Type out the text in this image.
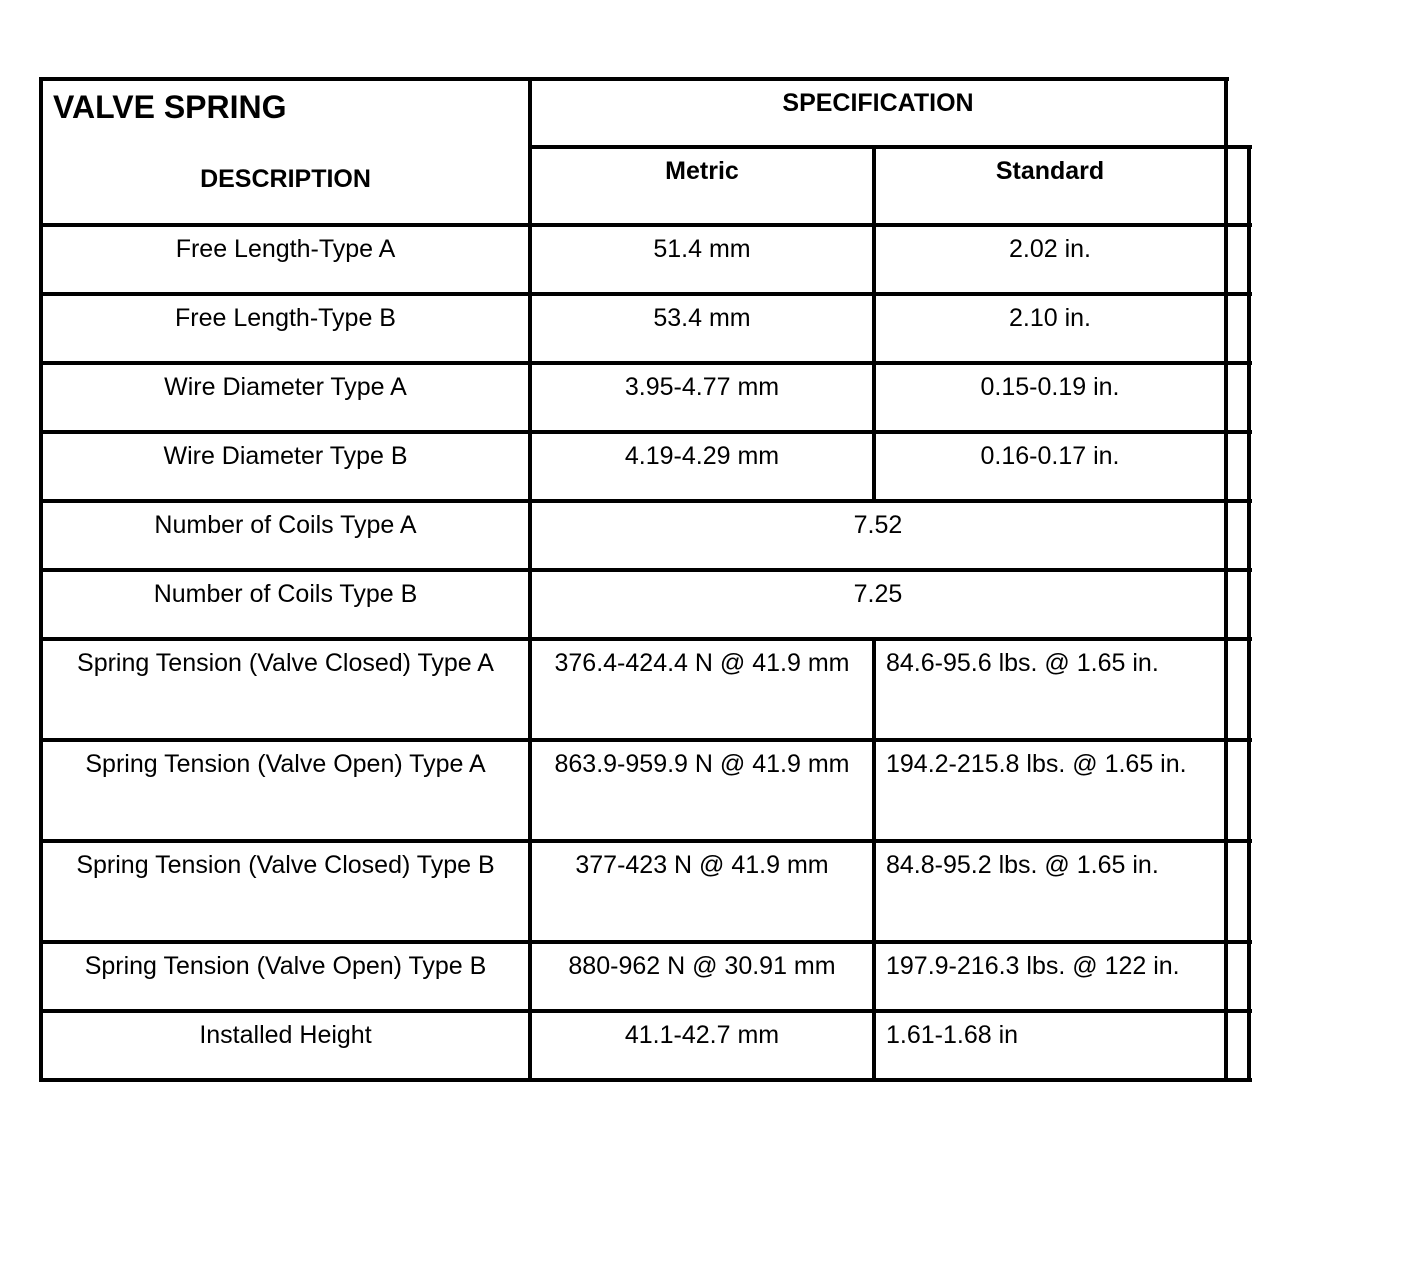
VALVE SPRING
DESCRIPTION
SPECIFICATION
Metric	Standard
Free Length-Type A	51.4 mm	2.02 in.
Free Length-Type B	53.4 mm	2.10 in.
Wire Diameter Type A	3.95-4.77 mm	0.15-0.19 in.
Wire Diameter Type B	4.19-4.29 mm	0.16-0.17 in.
Number of Coils Type A	7.52
Number of Coils Type B	7.25
Spring Tension (Valve Closed) Type A	376.4-424.4 N @ 41.9 mm	84.6-95.6 lbs. @ 1.65 in.
Spring Tension (Valve Open) Type A	863.9-959.9 N @ 41.9 mm	194.2-215.8 lbs. @ 1.65 in.
Spring Tension (Valve Closed) Type B	377-423 N @ 41.9 mm	84.8-95.2 lbs. @ 1.65 in.
Spring Tension (Valve Open) Type B	880-962 N @ 30.91 mm	197.9-216.3 lbs. @ 122 in.
Installed Height	41.1-42.7 mm	1.61-1.68 in
